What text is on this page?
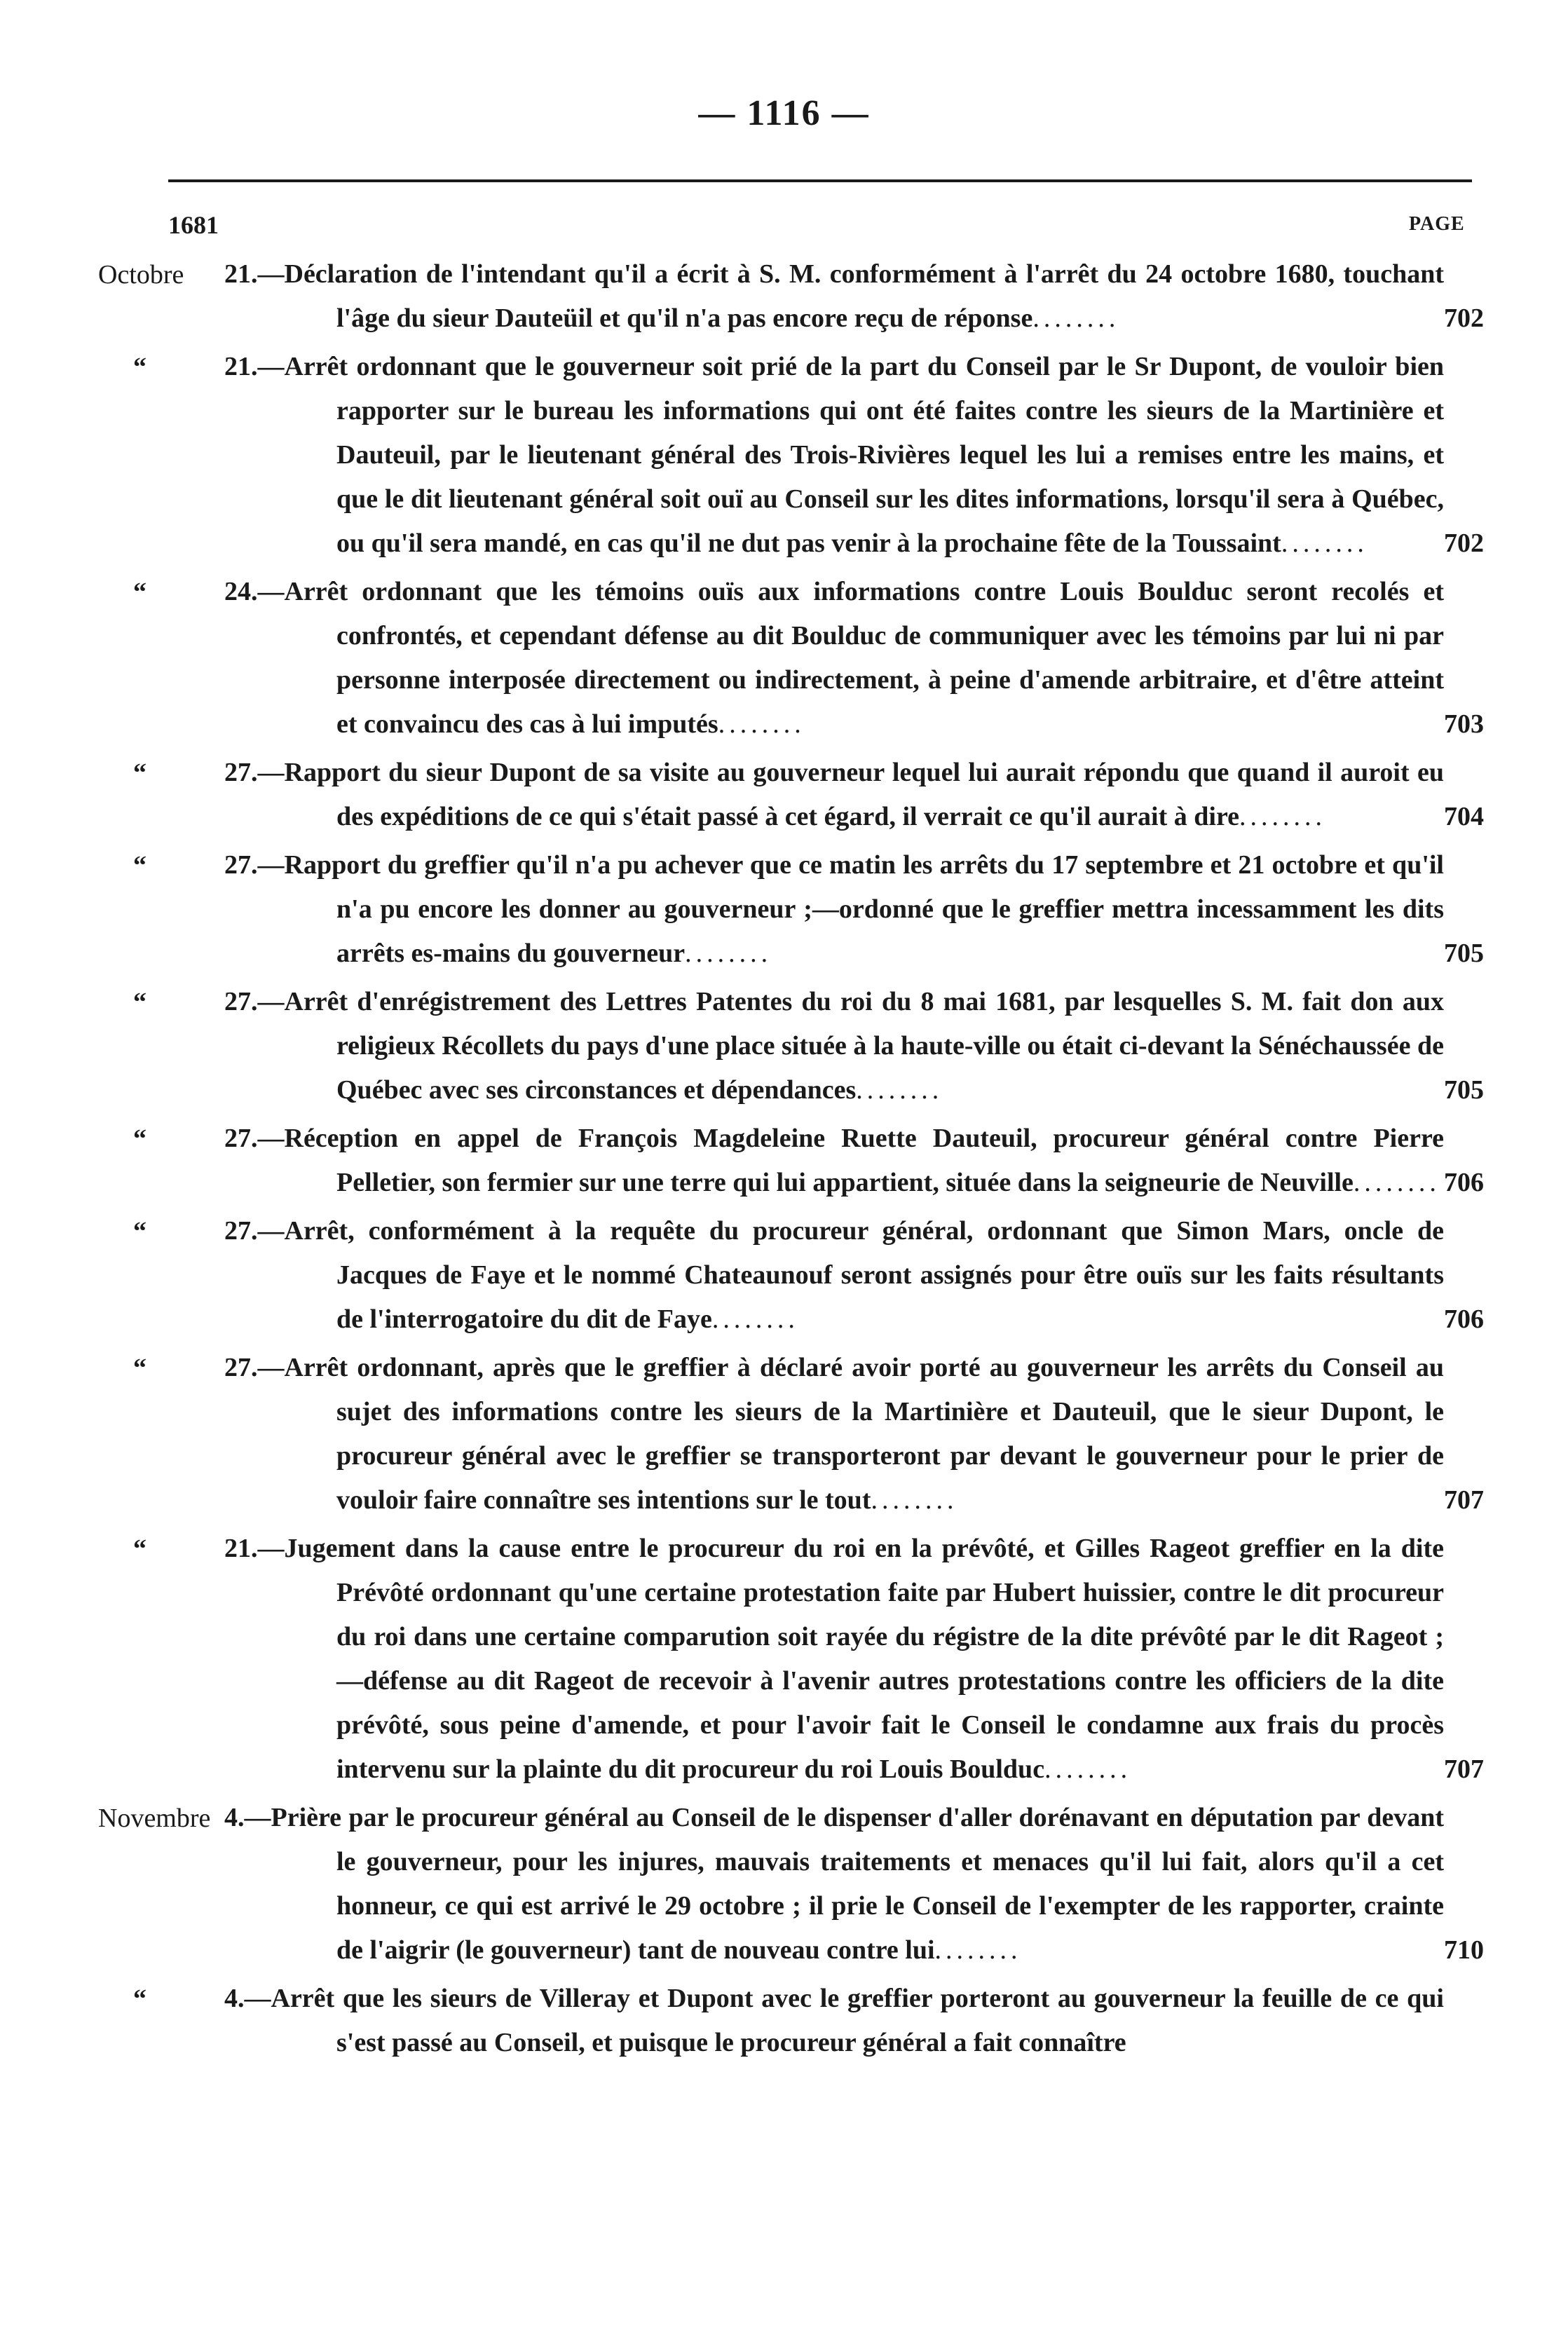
— 1116 —
1681	PAGE
Octobre 21.—Déclaration de l'intendant qu'il a écrit à S. M. conformément à l'arrêt du 24 octobre 1680, touchant l'âge du sieur Dauteüil et qu'il n'a pas encore reçu de réponse........	702
“	21.—Arrêt ordonnant que le gouverneur soit prié de la part du Conseil par le Sr Dupont, de vouloir bien rapporter sur le bureau les informations qui ont été faites contre les sieurs de la Martinière et Dauteuil, par le lieutenant général des Trois-Rivières lequel les lui a remises entre les mains, et que le dit lieutenant général soit ouï au Conseil sur les dites informations, lorsqu'il sera à Québec, ou qu'il sera mandé, en cas qu'il ne dut pas venir à la prochaine fête de la Toussaint........	702
“	24.—Arrêt ordonnant que les témoins ouïs aux informations contre Louis Boulduc seront recolés et confrontés, et cependant défense au dit Boulduc de communiquer avec les témoins par lui ni par personne interposée directement ou indirectement, à peine d'amende arbitraire, et d'être atteint et convaincu des cas à lui imputés........	703
“	27.—Rapport du sieur Dupont de sa visite au gouverneur lequel lui aurait répondu que quand il auroit eu des expéditions de ce qui s'était passé à cet égard, il verrait ce qu'il aurait à dire........	704
“	27.—Rapport du greffier qu'il n'a pu achever que ce matin les arrêts du 17 septembre et 21 octobre et qu'il n'a pu encore les donner au gouverneur ;—ordonné que le greffier mettra incessamment les dits arrêts es-mains du gouverneur........	705
“	27.—Arrêt d'enrégistrement des Lettres Patentes du roi du 8 mai 1681, par lesquelles S. M. fait don aux religieux Récollets du pays d'une place située à la haute-ville ou était ci-devant la Sénéchaussée de Québec avec ses circonstances et dépendances........	705
“	27.—Réception en appel de François Magdeleine Ruette Dauteuil, procureur général contre Pierre Pelletier, son fermier sur une terre qui lui appartient, située dans la seigneurie de Neuville........ 706
“	27.—Arrêt, conformément à la requête du procureur général, ordonnant que Simon Mars, oncle de Jacques de Faye et le nommé Chateaunouf seront assignés pour être ouïs sur les faits résultants de l'interrogatoire du dit de Faye........	706
“	27.—Arrêt ordonnant, après que le greffier à déclaré avoir porté au gouverneur les arrêts du Conseil au sujet des informations contre les sieurs de la Martinière et Dauteuil, que le sieur Dupont, le procureur général avec le greffier se transporteront par devant le gouverneur pour le prier de vouloir faire connaître ses intentions sur le tout........	707
“	21.—Jugement dans la cause entre le procureur du roi en la prévôté, et Gilles Rageot greffier en la dite Prévôté ordonnant qu'une certaine protestation faite par Hubert huissier, contre le dit procureur du roi dans une certaine comparution soit rayée du régistre de la dite prévôté par le dit Rageot ;—défense au dit Rageot de recevoir à l'avenir autres protestations contre les officiers de la dite prévôté, sous peine d'amende, et pour l'avoir fait le Conseil le condamne aux frais du procès intervenu sur la plainte du dit procureur du roi Louis Boulduc........	707
Novembre 4.—Prière par le procureur général au Conseil de le dispenser d'aller dorénavant en députation par devant le gouverneur, pour les injures, mauvais traitements et menaces qu'il lui fait, alors qu'il a cet honneur, ce qui est arrivé le 29 octobre ; il prie le Conseil de l'exempter de les rapporter, crainte de l'aigrir (le gouverneur) tant de nouveau contre lui........	710
“	4.—Arrêt que les sieurs de Villeray et Dupont avec le greffier porteront au gouverneur la feuille de ce qui s'est passé au Conseil, et puisque le procureur général a fait connaître
